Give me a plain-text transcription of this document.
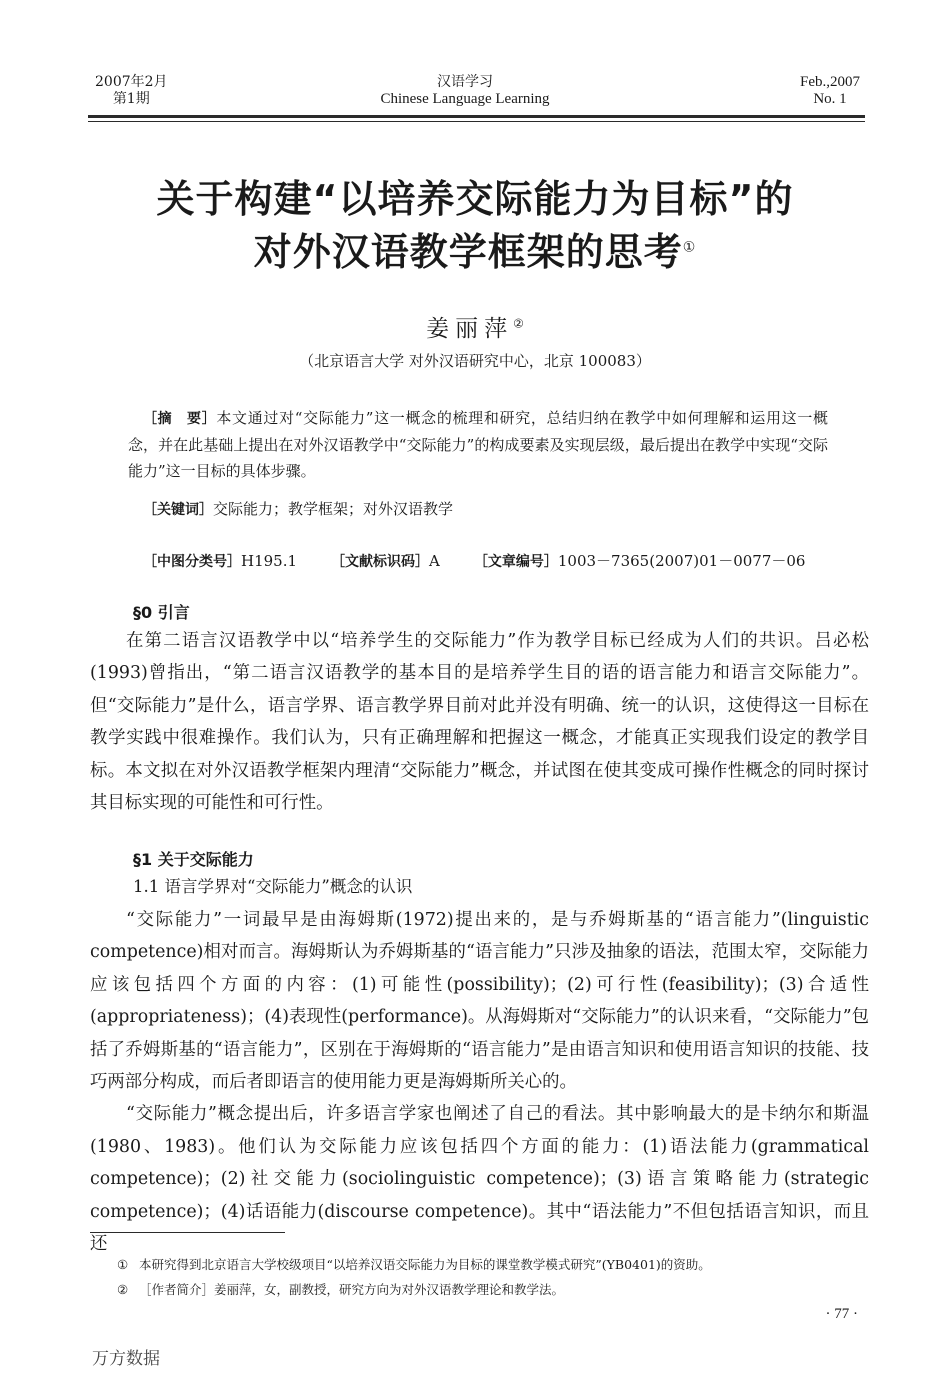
2007年2月
第1期
汉语学习
Chinese Language Learning
Feb.,2007
No. 1
关于构建“以培养交际能力为目标”的
对外汉语教学框架的思考①
姜丽萍②
（北京语言大学 对外汉语研究中心，北京 100083）
［摘　要］本文通过对“交际能力”这一概念的梳理和研究，总结归纳在教学中如何理解和运用这一概念，并在此基础上提出在对外汉语教学中“交际能力”的构成要素及实现层级，最后提出在教学中实现“交际能力”这一目标的具体步骤。
［关键词］交际能力；教学框架；对外汉语教学
［中图分类号］H195.1 ［文献标识码］A ［文章编号］1003－7365(2007)01－0077－06
§0 引言

在第二语言汉语教学中以“培养学生的交际能力”作为教学目标已经成为人们的共识。吕必松(1993)曾指出，“第二语言汉语教学的基本目的是培养学生目的语的语言能力和语言交际能力”。但“交际能力”是什么，语言学界、语言教学界目前对此并没有明确、统一的认识，这使得这一目标在教学实践中很难操作。我们认为，只有正确理解和把握这一概念，才能真正实现我们设定的教学目标。本文拟在对外汉语教学框架内理清“交际能力”概念，并试图在使其变成可操作性概念的同时探讨其目标实现的可能性和可行性。

§1 关于交际能力
1.1 语言学界对“交际能力”概念的认识

“交际能力”一词最早是由海姆斯(1972)提出来的，是与乔姆斯基的“语言能力”(linguistic competence)相对而言。海姆斯认为乔姆斯基的“语言能力”只涉及抽象的语法，范围太窄，交际能力应该包括四个方面的内容：(1)可能性(possibility)；(2)可行性(feasibility)；(3)合适性(appropriateness)；(4)表现性(performance)。从海姆斯对“交际能力”的认识来看，“交际能力”包括了乔姆斯基的“语言能力”，区别在于海姆斯的“语言能力”是由语言知识和使用语言知识的技能、技巧两部分构成，而后者即语言的使用能力更是海姆斯所关心的。

“交际能力”概念提出后，许多语言学家也阐述了自己的看法。其中影响最大的是卡纳尔和斯温(1980、1983)。他们认为交际能力应该包括四个方面的能力：(1)语法能力(grammatical competence)；(2)社交能力(sociolinguistic competence)；(3)语言策略能力(strategic competence)；(4)话语能力(discourse competence)。其中“语法能力”不但包括语言知识，而且还

① 本研究得到北京语言大学校级项目“以培养汉语交际能力为目标的课堂教学模式研究”(YB0401)的资助。
② ［作者简介］姜丽萍，女，副教授，研究方向为对外汉语教学理论和教学法。
· 77 ·
万方数据
